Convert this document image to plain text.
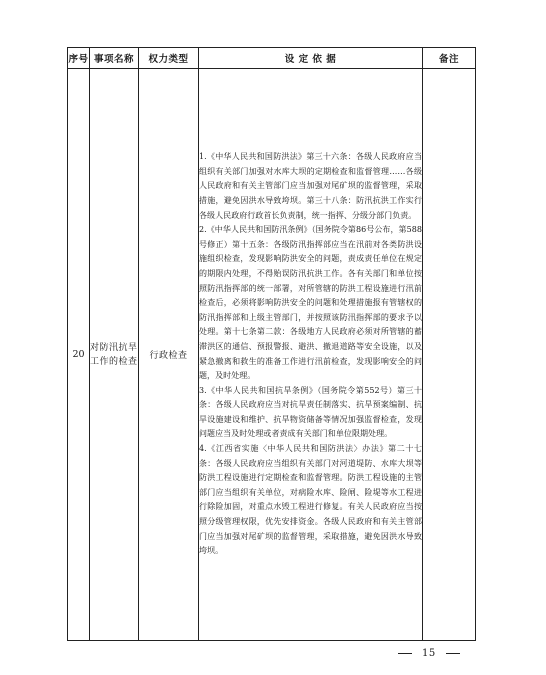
序号	事项名称	权力类型	设 定 依 据	备注
20	对防汛抗旱工作的检查	行政检查	1.《中华人民共和国防洪法》第三十六条：各级人民政府应当组织有关部门加强对水库大坝的定期检查和监督管理……各级人民政府和有关主管部门应当加强对尾矿坝的监督管理，采取措施，避免因洪水导致垮坝。第三十八条：防汛抗洪工作实行各级人民政府行政首长负责制，统一指挥、分级分部门负责。

2.《中华人民共和国防汛条例》（国务院令第86号公布，第588号修正）第十五条：各级防汛指挥部应当在汛前对各类防洪设施组织检查，发现影响防洪安全的问题，责成责任单位在规定的期限内处理，不得贻误防汛抗洪工作。各有关部门和单位按照防汛指挥部的统一部署，对所管辖的防洪工程设施进行汛前检查后，必须将影响防洪安全的问题和处理措施报有管辖权的防汛指挥部和上级主管部门，并按照该防汛指挥部的要求予以处理。第十七条第二款：各级地方人民政府必须对所管辖的蓄滞洪区的通信、预报警报、避洪、撤退道路等安全设施，以及紧急撤离和救生的准备工作进行汛前检查，发现影响安全的问题，及时处理。

3.《中华人民共和国抗旱条例》（国务院令第552号）第三十条：各级人民政府应当对抗旱责任制落实、抗旱预案编制、抗旱设施建设和维护、抗旱物资储备等情况加强监督检查，发现问题应当及时处理或者责成有关部门和单位限期处理。

4.《江西省实施〈中华人民共和国防洪法〉办法》第二十七条：各级人民政府应当组织有关部门对河道堤防、水库大坝等防洪工程设施进行定期检查和监督管理。防洪工程设施的主管部门应当组织有关单位，对病险水库、险闸、险堤等水工程进行除险加固，对重点水毁工程进行修复。有关人民政府应当按照分级管理权限，优先安排资金。各级人民政府和有关主管部门应当加强对尾矿坝的监督管理，采取措施，避免因洪水导致垮坝。	

15
